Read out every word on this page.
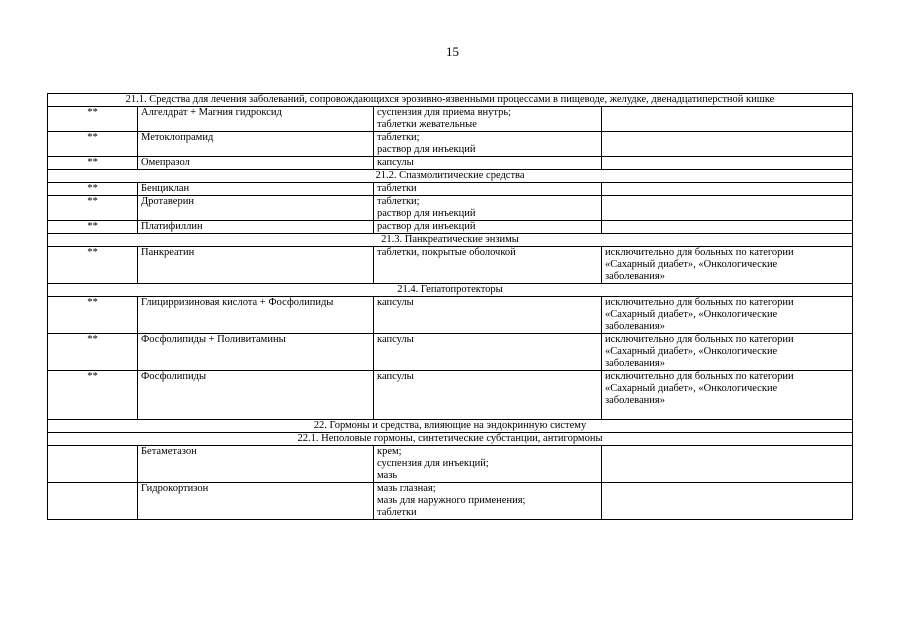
15
21.1. Средства для лечения заболеваний, сопровождающихся эрозивно-язвенными процессами в пищеводе, желудке, двенадцатиперстной кишке			
**	Алгелдрат + Магния гидроксид	суспензия для приема внутрь;
таблетки жевательные	

**	Метоклопрамид	таблетки;
раствор для инъекций	

**	Омепразол	капсулы	

21.2. Спазмолитические средства			
**	Бенциклан	таблетки	

**	Дротаверин	таблетки;
раствор для инъекций	

**	Платифиллин	раствор для инъекций	

21.3. Панкреатические энзимы			
**	Панкреатин	таблетки, покрытые оболочкой	исключительно для больных по категории
«Сахарный диабет», «Онкологические
заболевания»

21.4. Гепатопротекторы			
**	Глицирризиновая кислота + Фосфолипиды	капсулы	исключительно для больных по категории
«Сахарный диабет», «Онкологические
заболевания»

**	Фосфолипиды + Поливитамины	капсулы	исключительно для больных по категории
«Сахарный диабет», «Онкологические
заболевания»

**	Фосфолипиды	капсулы	исключительно для больных по категории
«Сахарный диабет», «Онкологические
заболевания»

22. Гормоны и средства, влияющие на эндокринную систему			
22.1. Неполовые гормоны, синтетические субстанции, антигормоны			
	Бетаметазон	крем;
суспензия для инъекций;
мазь	

	Гидрокортизон	мазь глазная;
мазь для наружного применения;
таблетки	
